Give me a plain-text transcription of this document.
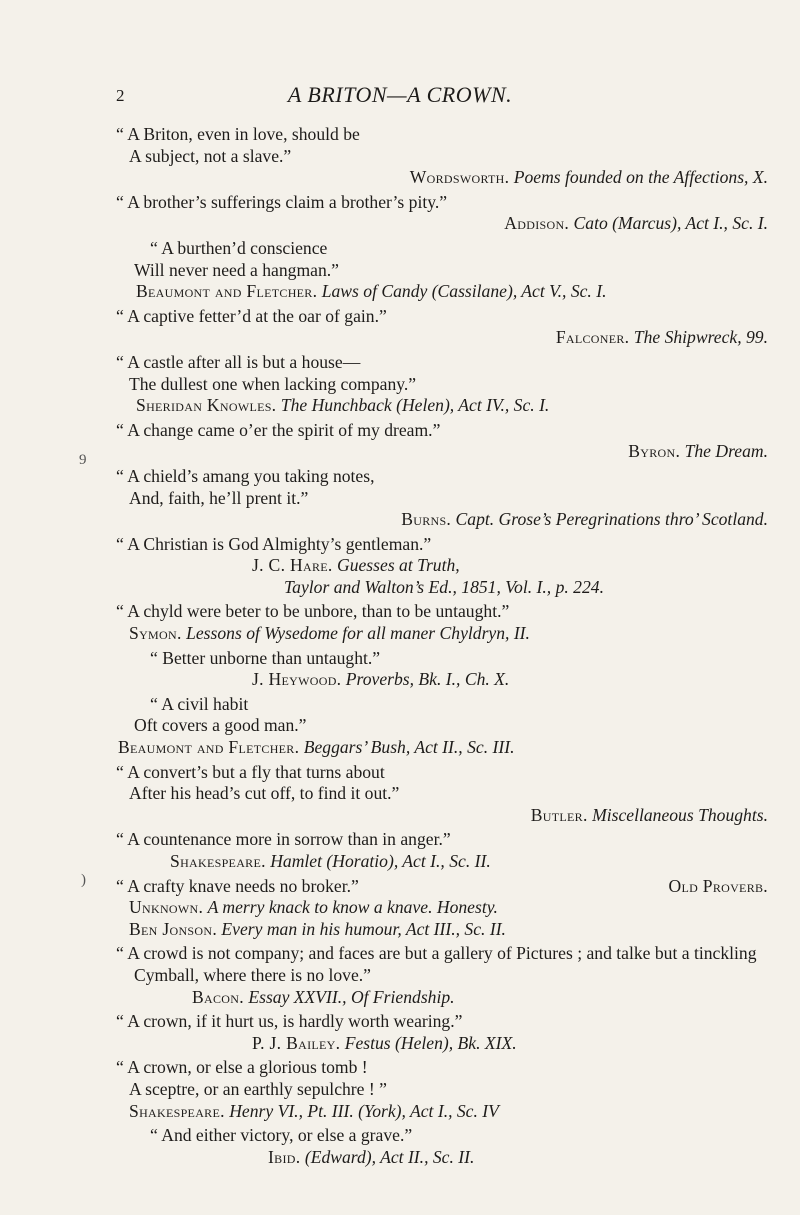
2	A BRITON—A CROWN.
9
)
“ A Briton, even in love, should be
A subject, not a slave.”
Wordsworth. Poems founded on the Affections, X.
“ A brother’s sufferings claim a brother’s pity.”
Addison. Cato (Marcus), Act I., Sc. I.
“ A burthen’d conscience
Will never need a hangman.”
Beaumont and Fletcher. Laws of Candy (Cassilane), Act V., Sc. I.
“ A captive fetter’d at the oar of gain.”
Falconer. The Shipwreck, 99.
“ A castle after all is but a house—
The dullest one when lacking company.”
Sheridan Knowles. The Hunchback (Helen), Act IV., Sc. I.
“ A change came o’er the spirit of my dream.”
Byron. The Dream.
“ A chield’s amang you taking notes,
And, faith, he’ll prent it.”
Burns. Capt. Grose’s Peregrinations thro’ Scotland.
“ A Christian is God Almighty’s gentleman.”
J. C. Hare. Guesses at Truth,
Taylor and Walton’s Ed., 1851, Vol. I., p. 224.
“ A chyld were beter to be unbore, than to be untaught.”
Symon. Lessons of Wysedome for all maner Chyldryn, II.
“ Better unborne than untaught.”
J. Heywood. Proverbs, Bk. I., Ch. X.
“ A civil habit
Oft covers a good man.”
Beaumont and Fletcher. Beggars’ Bush, Act II., Sc. III.
“ A convert’s but a fly that turns about
After his head’s cut off, to find it out.”
Butler. Miscellaneous Thoughts.
“ A countenance more in sorrow than in anger.”
Shakespeare. Hamlet (Horatio), Act I., Sc. II.
“ A crafty knave needs no broker.”	Old Proverb.
Unknown. A merry knack to know a knave. Honesty.
Ben Jonson. Every man in his humour, Act III., Sc. II.
“ A crowd is not company; and faces are but a gallery of Pictures ; and talke but a tinckling Cymball, where there is no love.”
Bacon. Essay XXVII., Of Friendship.
“ A crown, if it hurt us, is hardly worth wearing.”
P. J. Bailey. Festus (Helen), Bk. XIX.
“ A crown, or else a glorious tomb !
A sceptre, or an earthly sepulchre ! ”
Shakespeare. Henry VI., Pt. III. (York), Act I., Sc. IV
“ And either victory, or else a grave.”
Ibid. (Edward), Act II., Sc. II.
